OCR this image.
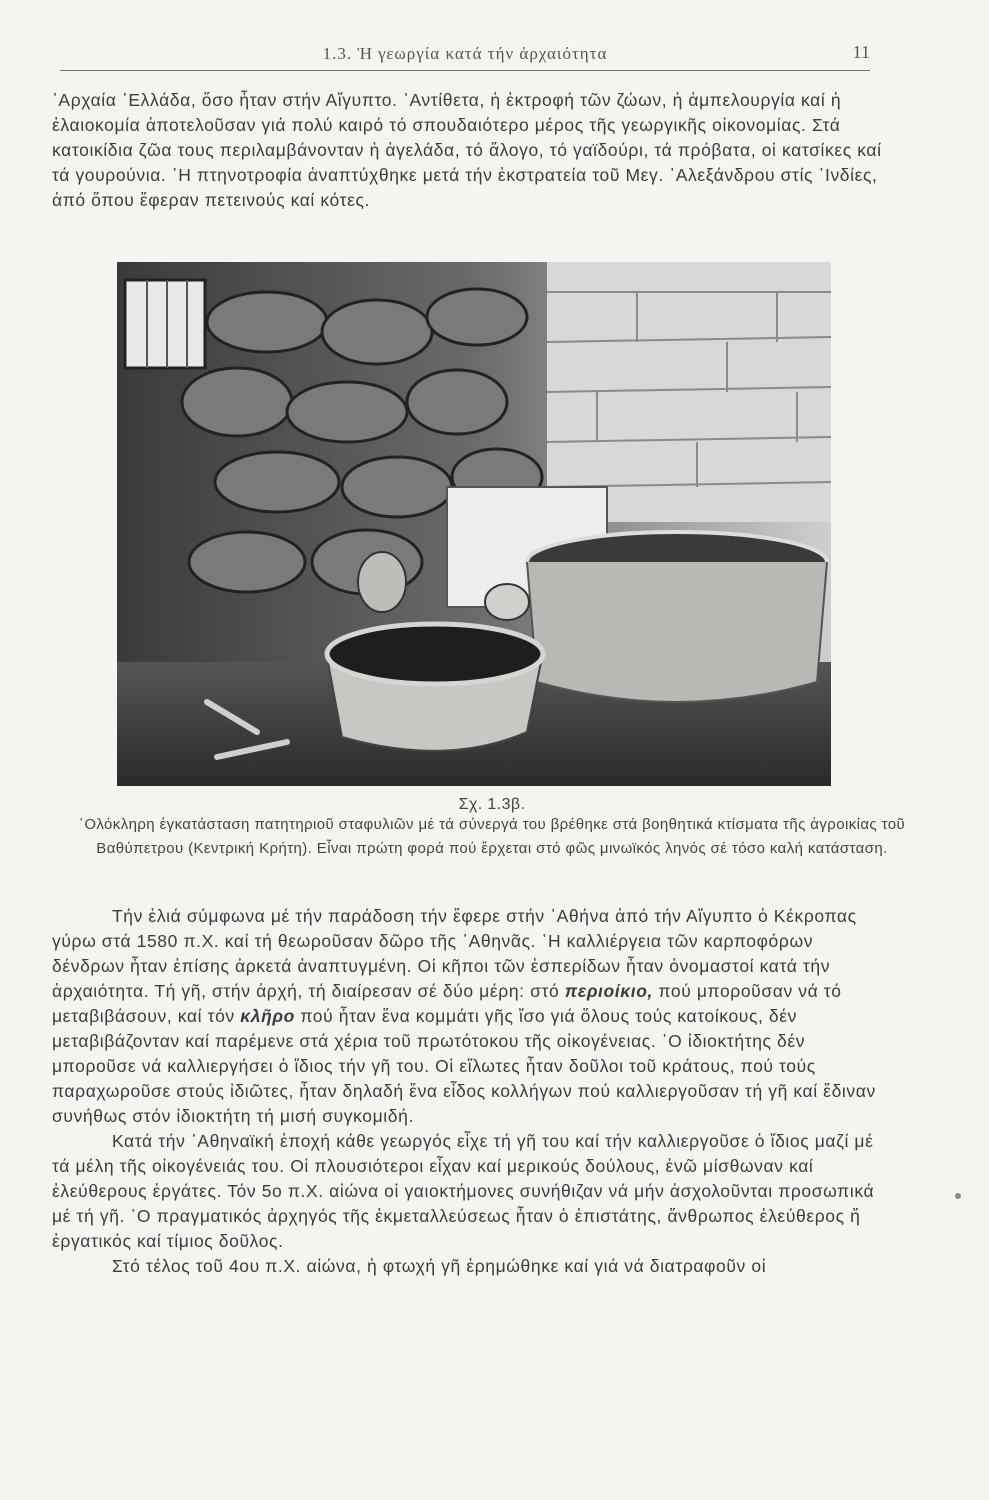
1.3. Ἡ γεωργία κατά τήν ἀρχαιότητα	11

᾿Αρχαία ῾Ελλάδα, ὅσο ἦταν στήν Αἴγυπτο. ᾿Αντίθετα, ἡ ἐκτροφή τῶν ζώων, ἡ ἀμπελουργία καί ἡ ἐλαιοκομία ἀποτελοῦσαν γιά πολύ καιρό τό σπουδαιότερο μέρος τῆς γεωργικῆς οἰκονομίας. Στά κατοικίδια ζῶα τους περιλαμβάνονταν ἡ ἀγελάδα, τό ἄλογο, τό γαϊδούρι, τά πρόβατα, οἱ κατσίκες καί τά γουρούνια. ῾Η πτηνοτροφία ἀναπτύχθηκε μετά τήν ἐκστρατεία τοῦ Μεγ. ᾿Αλεξάνδρου στίς ᾿Ινδίες, ἀπό ὅπου ἔφεραν πετεινούς καί κότες.

Σχ. 1.3β.
῾Ολόκληρη ἐγκατάσταση πατητηριοῦ σταφυλιῶν μέ τά σύνεργά του βρέθηκε στά βοηθητικά κτίσματα τῆς ἀγροικίας τοῦ Βαθύπετρου (Κεντρική Κρήτη). Εἶναι πρώτη φορά πού ἔρχεται στό φῶς μινωϊκός ληνός σέ τόσο καλή κατάσταση.

Τήν ἐλιά σύμφωνα μέ τήν παράδοση τήν ἔφερε στήν ᾿Αθήνα ἀπό τήν Αἴγυπτο ὁ Κέκροπας γύρω στά 1580 π.Χ. καί τή θεωροῦσαν δῶρο τῆς ᾿Αθηνᾶς. ῾Η καλλιέργεια τῶν καρποφόρων δένδρων ἦταν ἐπίσης ἀρκετά ἀναπτυγμένη. Οἱ κῆποι τῶν ἑσπερίδων ἦταν ὀνομαστοί κατά τήν ἀρχαιότητα. Τή γῆ, στήν ἀρχή, τή διαίρεσαν σέ δύο μέρη: στό περιοίκιο, πού μποροῦσαν νά τό μεταβιβάσουν, καί τόν κλῆρο πού ἦταν ἕνα κομμάτι γῆς ἴσο γιά ὅλους τούς κατοίκους, δέν μεταβιβάζονταν καί παρέμενε στά χέρια τοῦ πρωτότοκου τῆς οἰκογένειας. ῾Ο ἰδιοκτήτης δέν μποροῦσε νά καλλιεργήσει ὁ ἴδιος τήν γῆ του. Οἱ εἵλωτες ἦταν δοῦλοι τοῦ κράτους, πού τούς παραχωροῦσε στούς ἰδιῶτες, ἦταν δηλαδή ἕνα εἶδος κολλήγων πού καλλιεργοῦσαν τή γῆ καί ἔδιναν συνήθως στόν ἰδιοκτήτη τή μισή συγκομιδή.

Κατά τήν ᾿Αθηναϊκή ἐποχή κάθε γεωργός εἶχε τή γῆ του καί τήν καλλιεργοῦσε ὁ ἴδιος μαζί μέ τά μέλη τῆς οἰκογένειάς του. Οἱ πλουσιότεροι εἶχαν καί μερικούς δούλους, ἐνῶ μίσθωναν καί ἐλεύθερους ἐργάτες. Τόν 5ο π.Χ. αἰώνα οἱ γαιοκτήμονες συνήθιζαν νά μήν ἀσχολοῦνται προσωπικά μέ τή γῆ. ῾Ο πραγματικός ἀρχηγός τῆς ἐκμεταλλεύσεως ἦταν ὁ ἐπιστάτης, ἄνθρωπος ἐλεύθερος ἤ ἐργατικός καί τίμιος δοῦλος.

Στό τέλος τοῦ 4ου π.Χ. αἰώνα, ἡ φτωχή γῆ ἐρημώθηκε καί γιά νά διατραφοῦν οἱ
